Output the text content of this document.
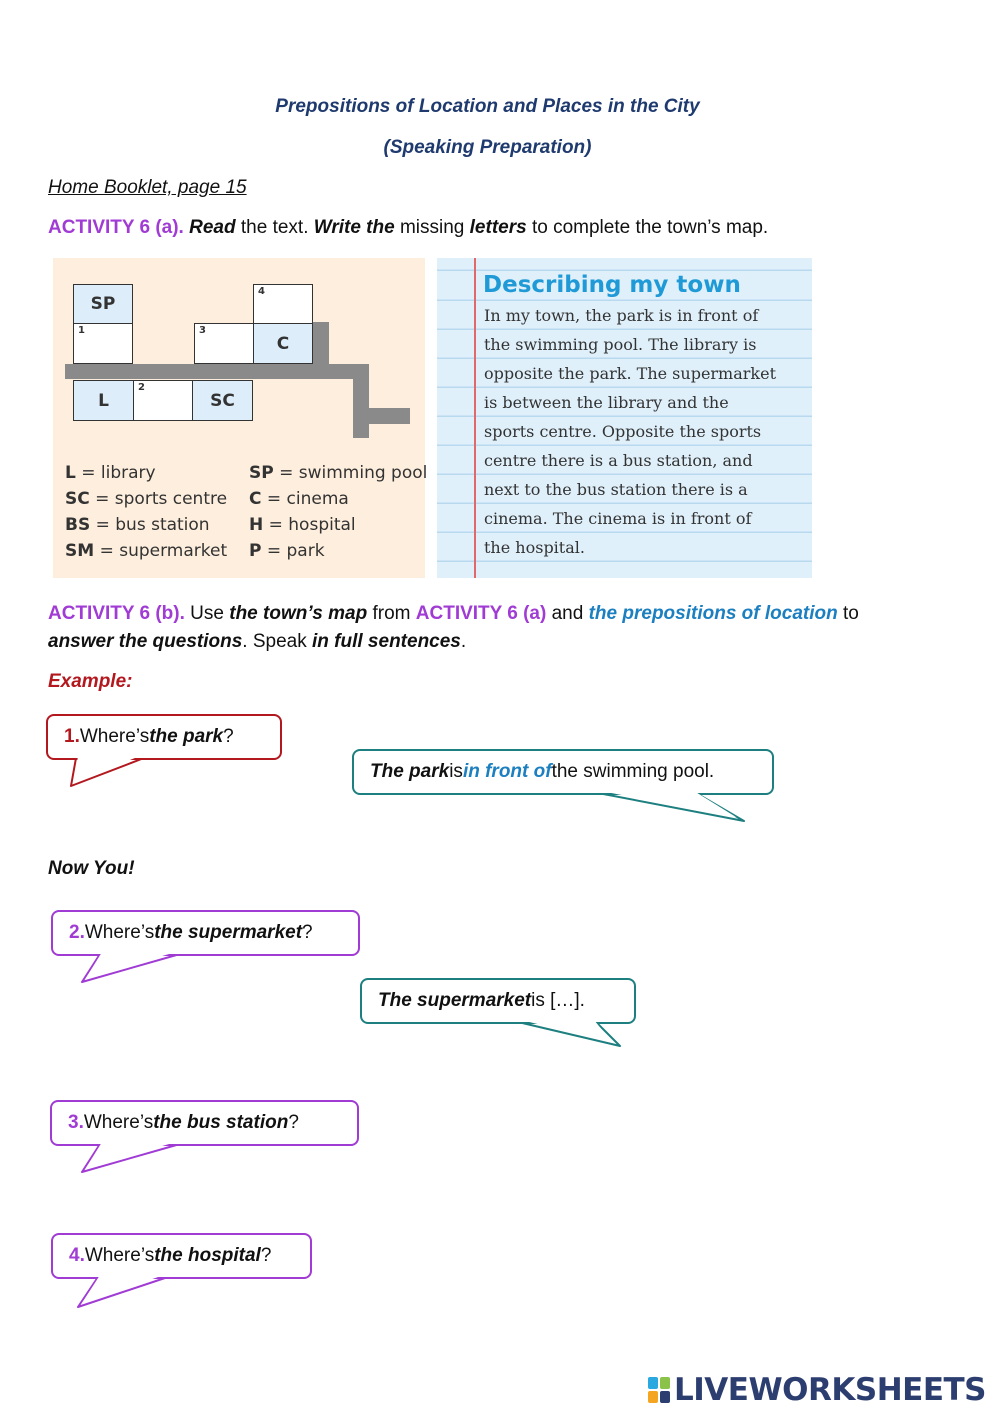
Prepositions of Location and Places in the City
(Speaking Preparation)
Home Booklet, page 15
ACTIVITY 6 (a). Read the text. Write the missing letters to complete the town’s map.
SP
1
4
3
C
L
2
SC
L = library	SP = swimming pool
SC = sports centre C = cinema
BS = bus station H = hospital
SM = supermarket P = park
Describing my town
In my town, the park is in front of
the swimming pool. The library is
opposite the park. The supermarket
is between the library and the
sports centre. Opposite the sports
centre there is a bus station, and
next to the bus station there is a
cinema. The cinema is in front of
the hospital.
ACTIVITY 6 (b). Use the town’s map from ACTIVITY 6 (a) and the prepositions of location to
answer the questions. Speak in full sentences.
Example:
1. Where’s the park ?
The park is in front of the swimming pool.
Now You!
2. Where’s the supermarket ?
The supermarket is […].
3. Where’s the bus station ?
4. Where’s the hospital ?
LIVEWORKSHEETS
